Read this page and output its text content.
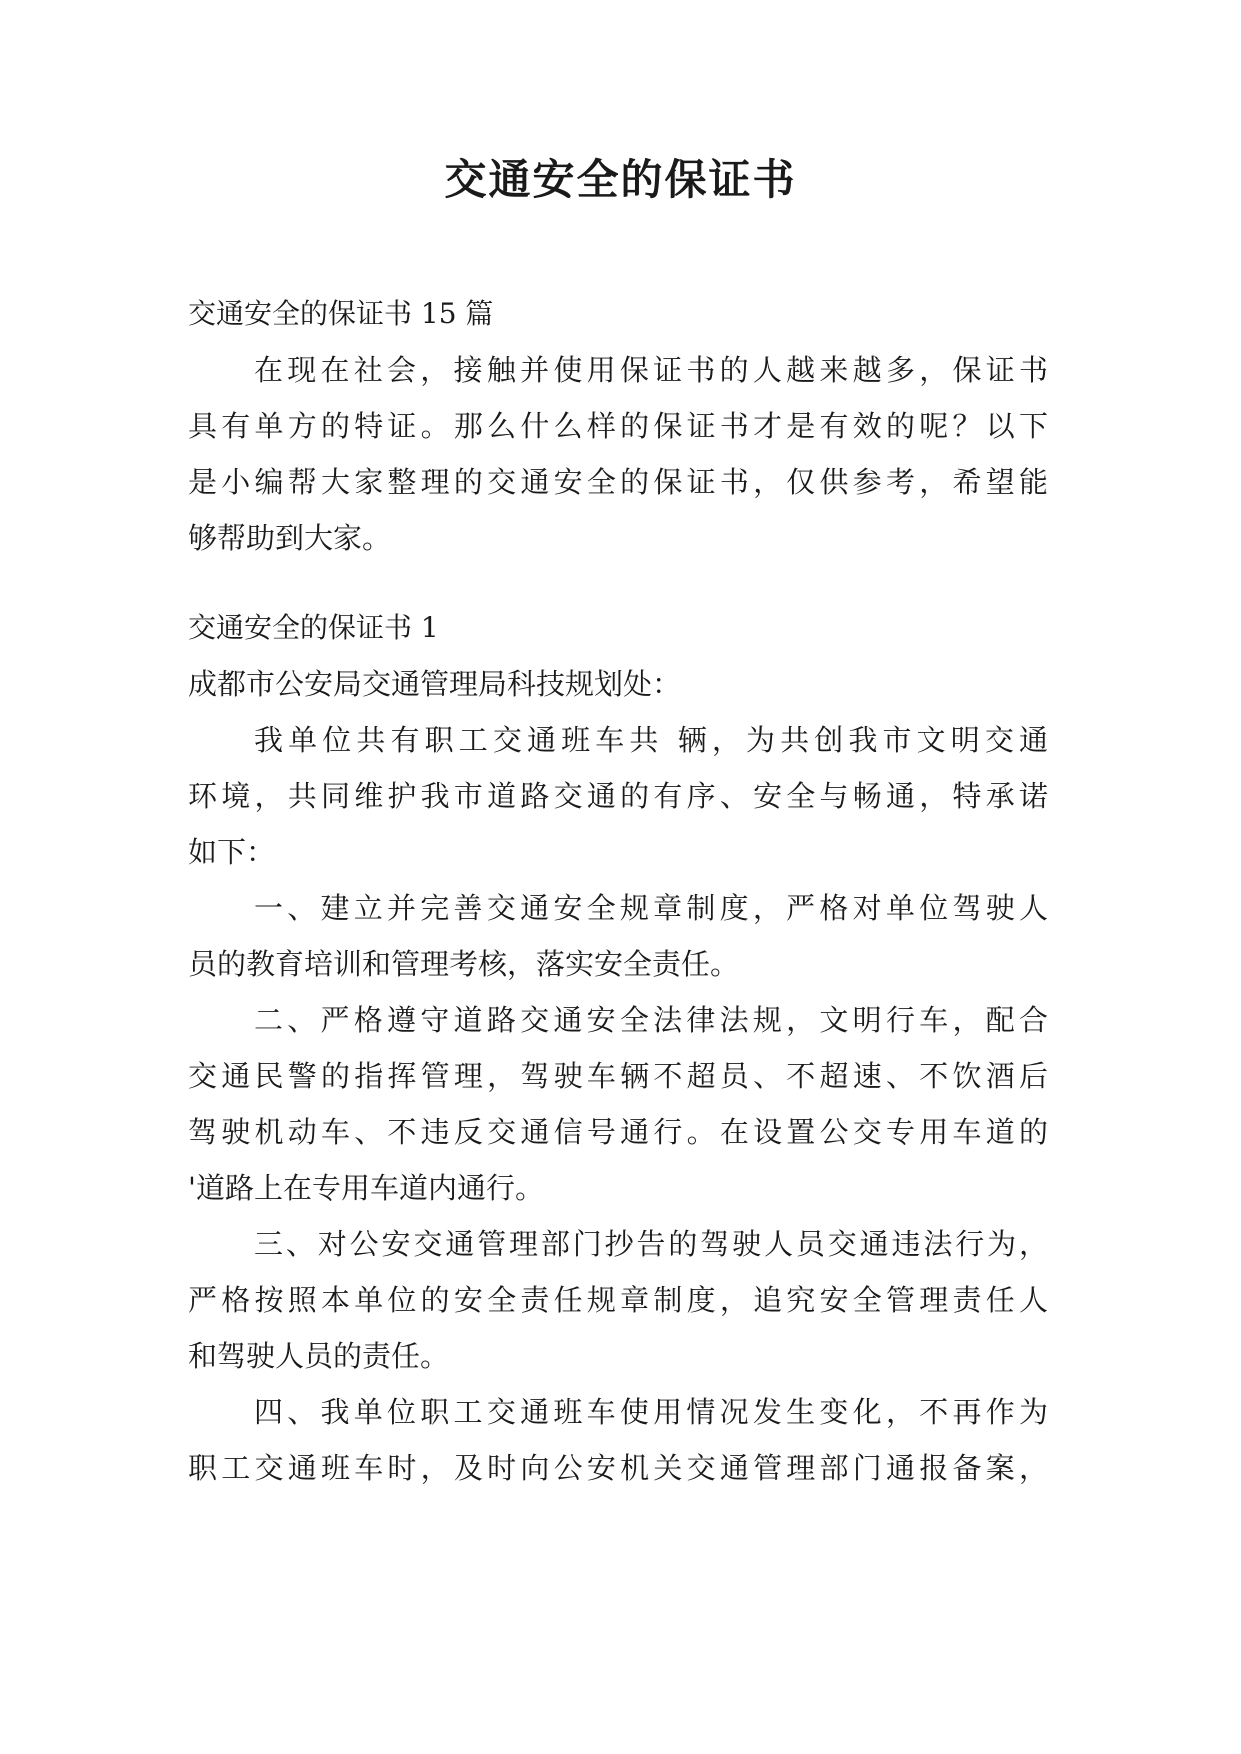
交通安全的保证书

交通安全的保证书 15 篇

在现在社会，接触并使用保证书的人越来越多，保证书
具有单方的特证。那么什么样的保证书才是有效的呢？以下
是小编帮大家整理的交通安全的保证书，仅供参考，希望能
够帮助到大家。

交通安全的保证书 1

成都市公安局交通管理局科技规划处：

我单位共有职工交通班车共 辆，为共创我市文明交通
环境，共同维护我市道路交通的有序、安全与畅通，特承诺
如下：
一、建立并完善交通安全规章制度，严格对单位驾驶人
员的教育培训和管理考核，落实安全责任。
二、严格遵守道路交通安全法律法规，文明行车，配合
交通民警的指挥管理，驾驶车辆不超员、不超速、不饮酒后
驾驶机动车、不违反交通信号通行。在设置公交专用车道的
'道路上在专用车道内通行。
三、对公安交通管理部门抄告的驾驶人员交通违法行为，
严格按照本单位的安全责任规章制度，追究安全管理责任人
和驾驶人员的责任。
四、我单位职工交通班车使用情况发生变化，不再作为
职工交通班车时，及时向公安机关交通管理部门通报备案，
